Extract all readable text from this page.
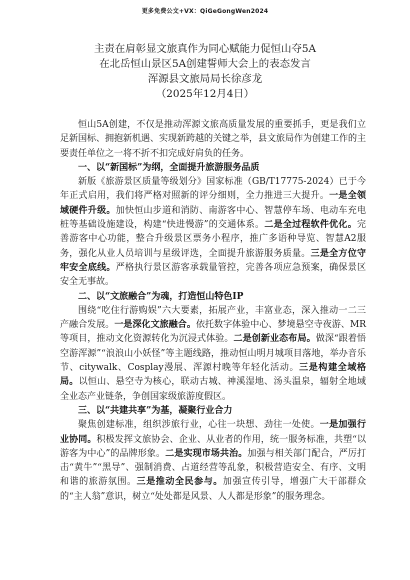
更多免费公文+VX：QiGeGongWen2024
主责在肩彰显文旅真作为同心赋能力促恒山夺5A
在北岳恒山景区5A创建誓师大会上的表态发言
浑源县文旅局局长徐彦龙
（2025年12月4日）

恒山5A创建，不仅是推动浑源文旅高质量发展的重要抓手，更是我们立足新国标、拥抱新机遇、实现新跨越的关键之举，县文旅局作为创建工作的主要责任单位之一将不折不扣完成好肩负的任务。

一、以“新国标”为纲，全面提升旅游服务品质

新版《旅游景区质量等级划分》国家标准（GB/T17775-2024）已于今年正式启用，我们将严格对照新的评分细则，全力推进三大提升。一是全领域硬件升级。加快恒山步道和消防、南游客中心、智慧停车场、电动车充电桩等基础设施建设，构建“快进慢游”的交通体系。二是全过程软件优化。完善游客中心功能，整合升级景区票务小程序，推广多语种导览、智慧A2服务，强化从业人员培训与星级评选，全面提升旅游服务质量。三是全方位守牢安全底线。严格执行景区游客承载量管控，完善各项应急预案，确保景区安全无事故。

二、以“文旅融合”为魂，打造恒山特色IP

围绕“吃住行游购娱”六大要素，拓展产业，丰富业态，深入推动一二三产融合发展。一是深化文旅融合。依托数字体验中心、梦境悬空寺夜游、MR等项目，推动文化资源转化为沉浸式体验。二是创新业态布局。做深“跟着悟空游浑源”“浪浪山小妖怪”等主题线路，推动恒山明月城项目落地，举办音乐节、citywalk、Cosplay漫展、浑源村晚等年轻化活动。三是构建全域格局。以恒山、悬空寺为核心，联动古城、神溪湿地、汤头温泉，辐射全地域全业态产业链条，争创国家级旅游度假区。

三、以“共建共享”为基，凝聚行业合力

聚焦创建标准，组织涉旅行业，心往一块想、劲往一处使。一是加强行业协同。积极发挥文旅协会、企业、从业者的作用，统一服务标准，共塑“以游客为中心”的品牌形象。二是实现市场共治。加强与相关部门配合，严厉打击“黄牛”“黑导”、强制消费、占道经营等乱象，积极营造安全、有序、文明和谐的旅游氛围。三是推动全民参与。加强宣传引导，增强广大干部群众的“主人翁”意识，树立“处处都是风景、人人都是形象”的服务理念。
